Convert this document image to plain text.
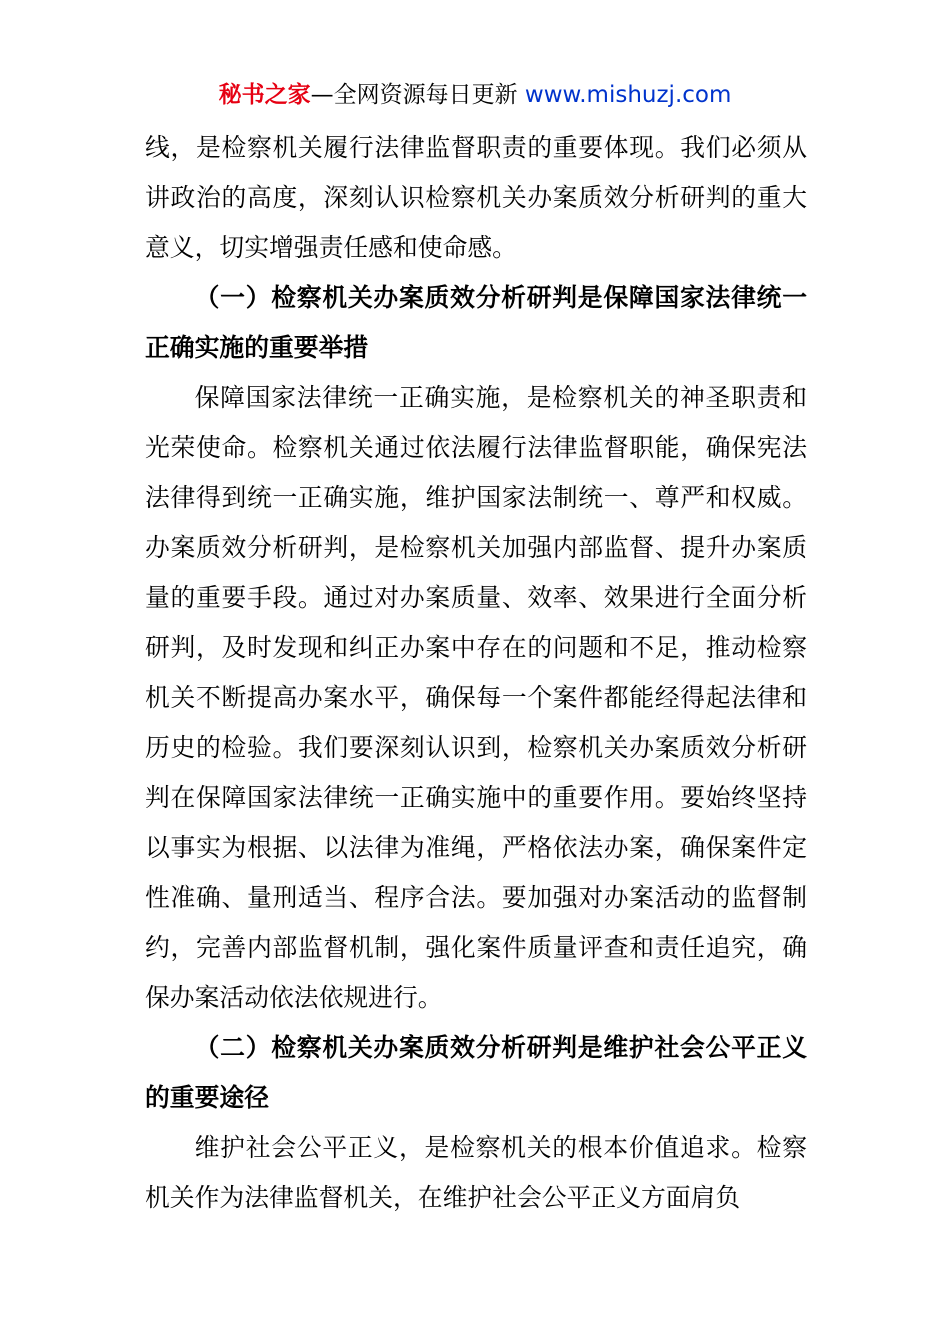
秘书之家—全网资源每日更新 www.mishuzj.com

线，是检察机关履行法律监督职责的重要体现。我们必须从讲政治的高度，深刻认识检察机关办案质效分析研判的重大意义，切实增强责任感和使命感。

（一）检察机关办案质效分析研判是保障国家法律统一正确实施的重要举措

保障国家法律统一正确实施，是检察机关的神圣职责和光荣使命。检察机关通过依法履行法律监督职能，确保宪法法律得到统一正确实施，维护国家法制统一、尊严和权威。办案质效分析研判，是检察机关加强内部监督、提升办案质量的重要手段。通过对办案质量、效率、效果进行全面分析研判，及时发现和纠正办案中存在的问题和不足，推动检察机关不断提高办案水平，确保每一个案件都能经得起法律和历史的检验。我们要深刻认识到，检察机关办案质效分析研判在保障国家法律统一正确实施中的重要作用。要始终坚持以事实为根据、以法律为准绳，严格依法办案，确保案件定性准确、量刑适当、程序合法。要加强对办案活动的监督制约，完善内部监督机制，强化案件质量评查和责任追究，确保办案活动依法依规进行。

（二）检察机关办案质效分析研判是维护社会公平正义的重要途径

维护社会公平正义，是检察机关的根本价值追求。检察机关作为法律监督机关，在维护社会公平正义方面肩负
